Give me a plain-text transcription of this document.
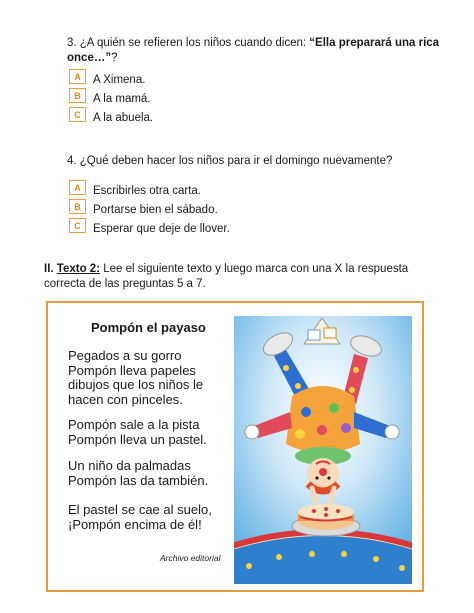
3. ¿A quién se refieren los niños cuando dicen: “Ella preparará una rica once…”?
A	A Ximena.
B	A la mamá.
C	A la abuela.
4. ¿Qué deben hacer los niños para ir el domingo nuevamente?
A	Escribirles otra carta.
B	Portarse bien el sábado.
C	Esperar que deje de llover.
II. Texto 2: Lee el siguiente texto y luego marca con una X la respuesta correcta de las preguntas 5 a 7.
Pompón el payaso
Pegados a su gorro
Pompón lleva papeles
dibujos que los niños le
hacen con pinceles.
Pompón sale a la pista
Pompón lleva un pastel.
Un niño da palmadas
Pompón las da también.
El pastel se cae al suelo,
¡Pompón encima de él!
Archivo editorial
